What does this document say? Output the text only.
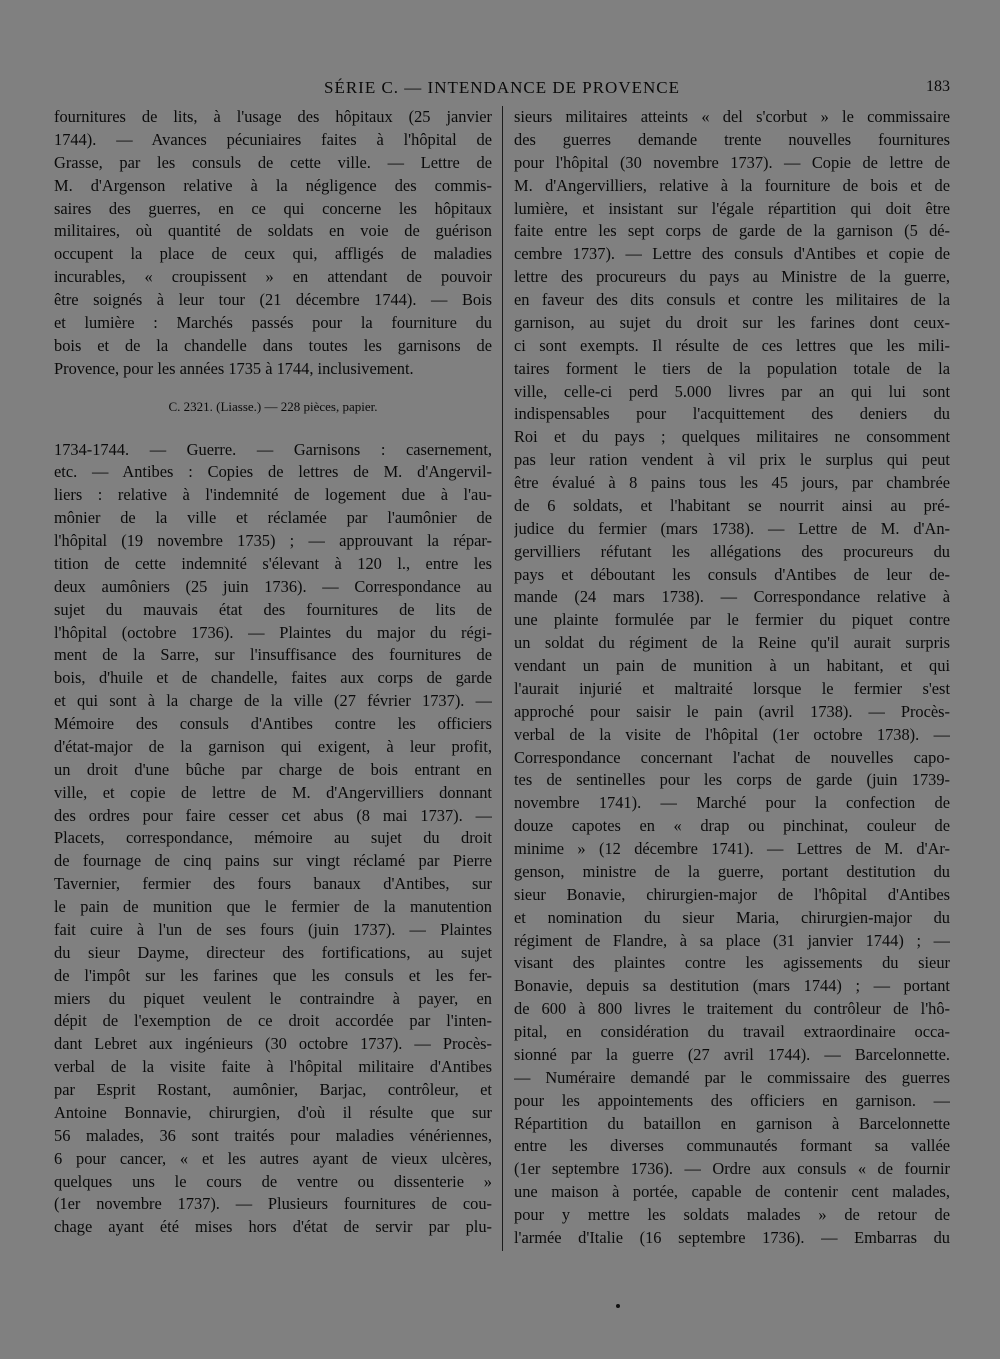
SÉRIE C. — INTENDANCE DE PROVENCE	183
fournitures de lits, à l'usage des hôpitaux (25 janvier
1744). — Avances pécuniaires faites à l'hôpital de
Grasse, par les consuls de cette ville. — Lettre de
M. d'Argenson relative à la négligence des commis-
saires des guerres, en ce qui concerne les hôpitaux
militaires, où quantité de soldats en voie de guérison
occupent la place de ceux qui, affligés de maladies
incurables, « croupissent » en attendant de pouvoir
être soignés à leur tour (21 décembre 1744). — Bois
et lumière : Marchés passés pour la fourniture du
bois et de la chandelle dans toutes les garnisons de
Provence, pour les années 1735 à 1744, inclusivement.
C. 2321. (Liasse.) — 228 pièces, papier.
1734-1744. — Guerre. — Garnisons : casernement,
etc. — Antibes : Copies de lettres de M. d'Angervil-
liers : relative à l'indemnité de logement due à l'au-
mônier de la ville et réclamée par l'aumônier de
l'hôpital (19 novembre 1735) ; — approuvant la répar-
tition de cette indemnité s'élevant à 120 l., entre les
deux aumôniers (25 juin 1736). — Correspondance au
sujet du mauvais état des fournitures de lits de
l'hôpital (octobre 1736). — Plaintes du major du régi-
ment de la Sarre, sur l'insuffisance des fournitures de
bois, d'huile et de chandelle, faites aux corps de garde
et qui sont à la charge de la ville (27 février 1737). —
Mémoire des consuls d'Antibes contre les officiers
d'état-major de la garnison qui exigent, à leur profit,
un droit d'une bûche par charge de bois entrant en
ville, et copie de lettre de M. d'Angervilliers donnant
des ordres pour faire cesser cet abus (8 mai 1737). —
Placets, correspondance, mémoire au sujet du droit
de fournage de cinq pains sur vingt réclamé par Pierre
Tavernier, fermier des fours banaux d'Antibes, sur
le pain de munition que le fermier de la manutention
fait cuire à l'un de ses fours (juin 1737). — Plaintes
du sieur Dayme, directeur des fortifications, au sujet
de l'impôt sur les farines que les consuls et les fer-
miers du piquet veulent le contraindre à payer, en
dépit de l'exemption de ce droit accordée par l'inten-
dant Lebret aux ingénieurs (30 octobre 1737). — Procès-
verbal de la visite faite à l'hôpital militaire d'Antibes
par Esprit Rostant, aumônier, Barjac, contrôleur, et
Antoine Bonnavie, chirurgien, d'où il résulte que sur
56 malades, 36 sont traités pour maladies vénériennes,
6 pour cancer, « et les autres ayant de vieux ulcères,
quelques uns le cours de ventre ou dissenterie »
(1er novembre 1737). — Plusieurs fournitures de cou-
chage ayant été mises hors d'état de servir par plu-
sieurs militaires atteints « del s'corbut » le commissaire
des guerres demande trente nouvelles fournitures
pour l'hôpital (30 novembre 1737). — Copie de lettre de
M. d'Angervilliers, relative à la fourniture de bois et de
lumière, et insistant sur l'égale répartition qui doit être
faite entre les sept corps de garde de la garnison (5 dé-
cembre 1737). — Lettre des consuls d'Antibes et copie de
lettre des procureurs du pays au Ministre de la guerre,
en faveur des dits consuls et contre les militaires de la
garnison, au sujet du droit sur les farines dont ceux-
ci sont exempts. Il résulte de ces lettres que les mili-
taires forment le tiers de la population totale de la
ville, celle-ci perd 5.000 livres par an qui lui sont
indispensables pour l'acquittement des deniers du
Roi et du pays ; quelques militaires ne consomment
pas leur ration vendent à vil prix le surplus qui peut
être évalué à 8 pains tous les 45 jours, par chambrée
de 6 soldats, et l'habitant se nourrit ainsi au pré-
judice du fermier (mars 1738). — Lettre de M. d'An-
gervilliers réfutant les allégations des procureurs du
pays et déboutant les consuls d'Antibes de leur de-
mande (24 mars 1738). — Correspondance relative à
une plainte formulée par le fermier du piquet contre
un soldat du régiment de la Reine qu'il aurait surpris
vendant un pain de munition à un habitant, et qui
l'aurait injurié et maltraité lorsque le fermier s'est
approché pour saisir le pain (avril 1738). — Procès-
verbal de la visite de l'hôpital (1er octobre 1738). —
Correspondance concernant l'achat de nouvelles capo-
tes de sentinelles pour les corps de garde (juin 1739-
novembre 1741). — Marché pour la confection de
douze capotes en « drap ou pinchinat, couleur de
minime » (12 décembre 1741). — Lettres de M. d'Ar-
genson, ministre de la guerre, portant destitution du
sieur Bonavie, chirurgien-major de l'hôpital d'Antibes
et nomination du sieur Maria, chirurgien-major du
régiment de Flandre, à sa place (31 janvier 1744) ; —
visant des plaintes contre les agissements du sieur
Bonavie, depuis sa destitution (mars 1744) ; — portant
de 600 à 800 livres le traitement du contrôleur de l'hô-
pital, en considération du travail extraordinaire occa-
sionné par la guerre (27 avril 1744). — Barcelonnette.
— Numéraire demandé par le commissaire des guerres
pour les appointements des officiers en garnison. —
Répartition du bataillon en garnison à Barcelonnette
entre les diverses communautés formant sa vallée
(1er septembre 1736). — Ordre aux consuls « de fournir
une maison à portée, capable de contenir cent malades,
pour y mettre les soldats malades » de retour de
l'armée d'Italie (16 septembre 1736). — Embarras du
